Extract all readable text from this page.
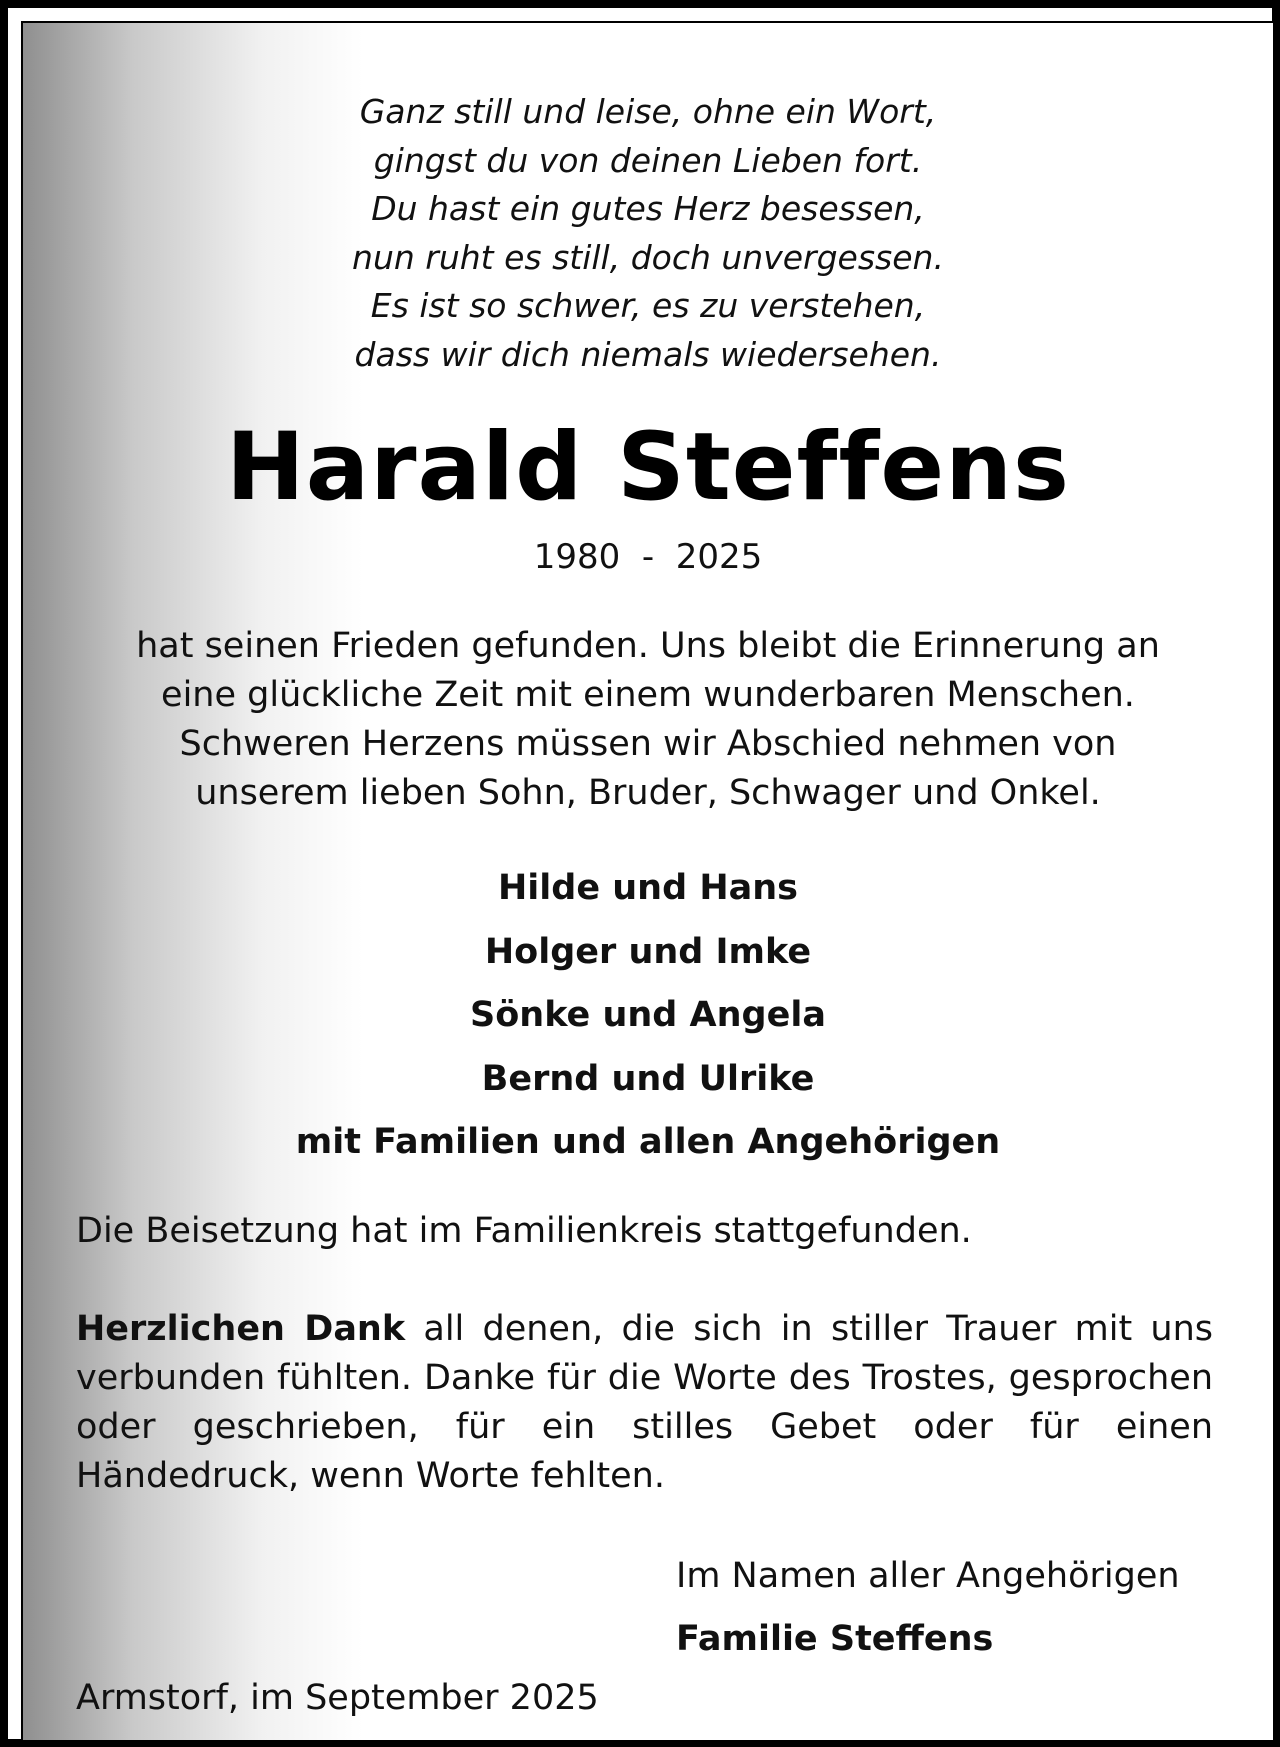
Ganz still und leise, ohne ein Wort,
gingst du von deinen Lieben fort.
Du hast ein gutes Herz besessen,
nun ruht es still, doch unvergessen.
Es ist so schwer, es zu verstehen,
dass wir dich niemals wiedersehen.
Harald Steffens
1980  -  2025
hat seinen Frieden gefunden. Uns bleibt die Erinnerung an
eine glückliche Zeit mit einem wunderbaren Menschen.
Schweren Herzens müssen wir Abschied nehmen von
unserem lieben Sohn, Bruder, Schwager und Onkel.
Hilde und Hans
Holger und Imke
Sönke und Angela
Bernd und Ulrike
mit Familien und allen Angehörigen
Die Beisetzung hat im Familienkreis stattgefunden.
Herzlichen Dank all denen, die sich in stiller Trauer mit uns verbunden fühlten. Danke für die Worte des Trostes, gesprochen oder geschrieben, für ein stilles Gebet oder für einen Händedruck, wenn Worte fehlten.
Im Namen aller Angehörigen
Familie Steffens
Armstorf, im September 2025
